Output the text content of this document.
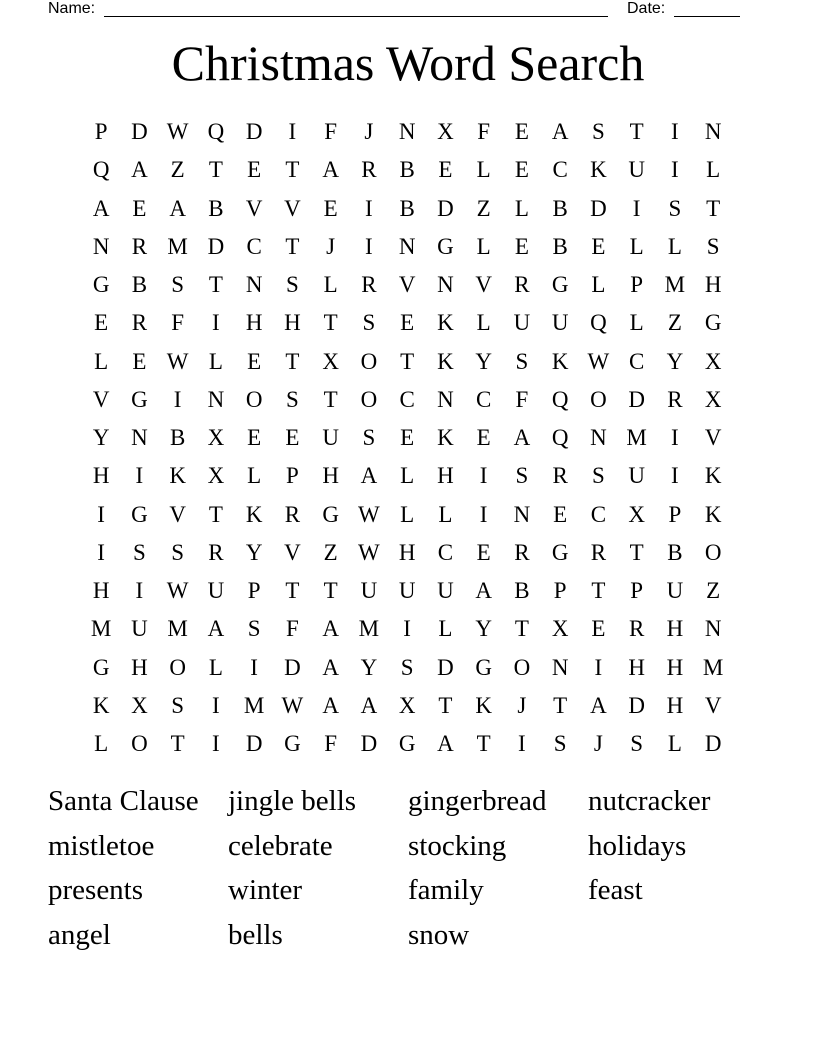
Name:	Date:
Christmas Word Search
P	D W Q D	I	F	J	N X	F	E A	S	T	I	N
Q A Z	T	E	T A R B	E	L	E	C K U	I	L
A E A B V V E	I	B D Z	L	B D	I	S	T
N R M D C	T	J	I	N G L	E	B	E	L	L	S
G B	S	T N	S	L	R V N V R G L	P M H
E	R	F	I	H H T	S	E K L U U Q L	Z G
L	E W L	E	T X O T K Y	S	K W C Y X
V G	I	N O	S	T O C N C	F	Q O D R X
Y N B X E	E U	S	E K E A Q N M	I	V
H	I	K X L	P	H A L H	I	S	R	S	U	I	K
I	G V T K R G W L	L	I	N E	C X	P	K
I	S	S	R Y V Z W H C	E	R G R	T	B O
H	I	W U	P	T	T U U U A B	P	T	P	U Z
M U M A	S	F	A M	I	L Y T X E	R H N
G H O L	I	D A Y	S	D G O N	I	H H M
K X	S	I	M W A A X T K	J	T A D H V
L O T	I	D G	F	D G A T	I	S	J	S	L D
Santa Clause	jingle bells	gingerbread	nutcracker
mistletoe	celebrate	stocking	holidays
presents	winter	family	feast
angel	bells	snow
